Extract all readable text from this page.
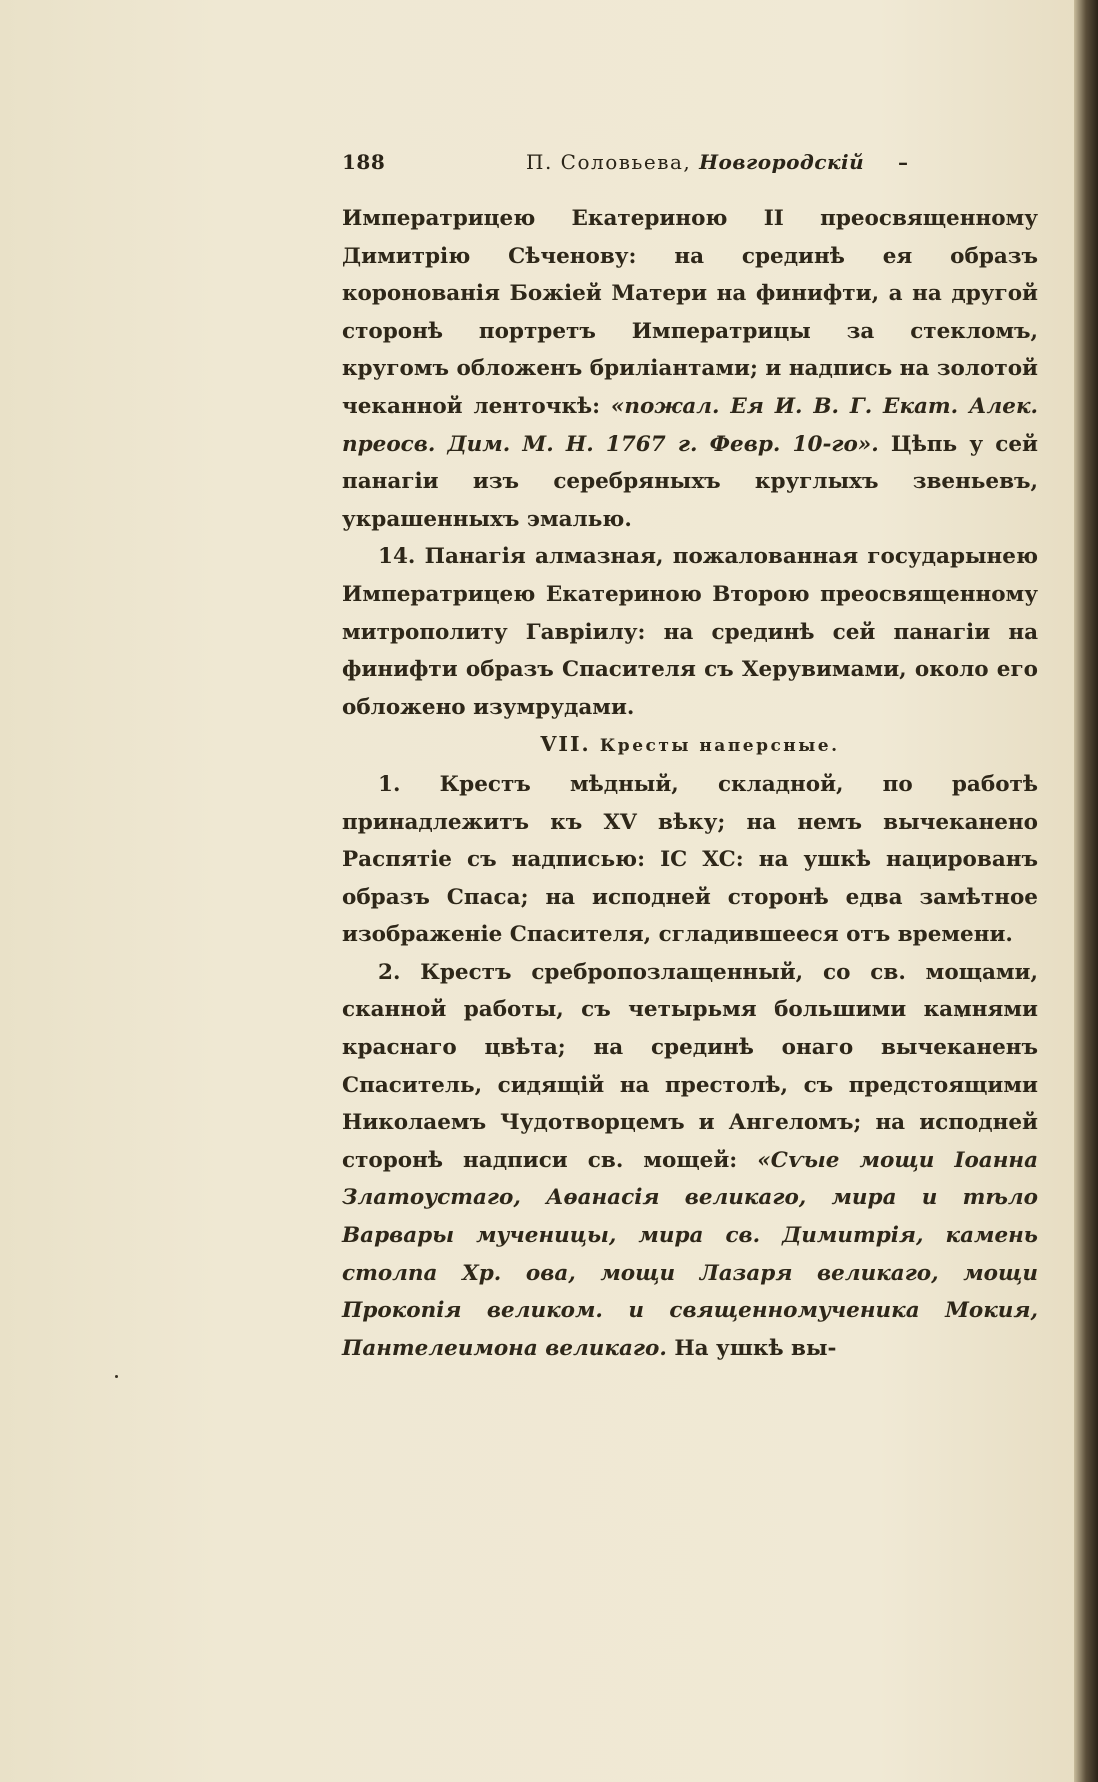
188	П. Соловьева, Новгородскій –

Императрицею Екатериною II преосвященному Димитрію Сѣченову: на срединѣ ея образъ коронованія Божіей Матери на финифти, а на другой сторонѣ портретъ Императрицы за стекломъ, кругомъ обложенъ бриліантами; и надпись на золотой чеканной ленточкѣ: «пожал. Ея И. В. Г. Екат. Алек. преосв. Дим. М. Н. 1767 г. Февр. 10-го». Цѣпь у сей панагіи изъ серебряныхъ круглыхъ звеньевъ, украшенныхъ эмалью.

14. Панагія алмазная, пожалованная государынею Императрицею Екатериною Второю преосвященному митрополиту Гавріилу: на срединѣ сей панагіи на финифти образъ Спасителя съ Херувимами, около его обложено изумрудами.

VII. Кресты наперсные.

1. Крестъ мѣдный, складной, по работѣ принадлежитъ къ XV вѣку; на немъ вычеканено Распятіе съ надписью: IC XC: на ушкѣ нацированъ образъ Спаса; на исподней сторонѣ едва замѣтное изображеніе Спасителя, сгладившееся отъ времени.

2. Крестъ сребропозлащенный, со св. мощами, сканной работы, съ четырьмя большими камнями краснаго цвѣта; на срединѣ онаго вычеканенъ Спаситель, сидящій на престолѣ, съ предстоящими Николаемъ Чудотворцемъ и Ангеломъ; на исподней сторонѣ надписи св. мощей: «Сѵые мощи Іоанна Златоустаго, Аѳанасія великаго, мира и тѣло Варвары мученицы, мира св. Димитрія, камень столпа Хр. ова, мощи Лазаря великаго, мощи Прокопія великом. и священномученика Мокия, Пантелеимона великаго. На ушкѣ вы-
